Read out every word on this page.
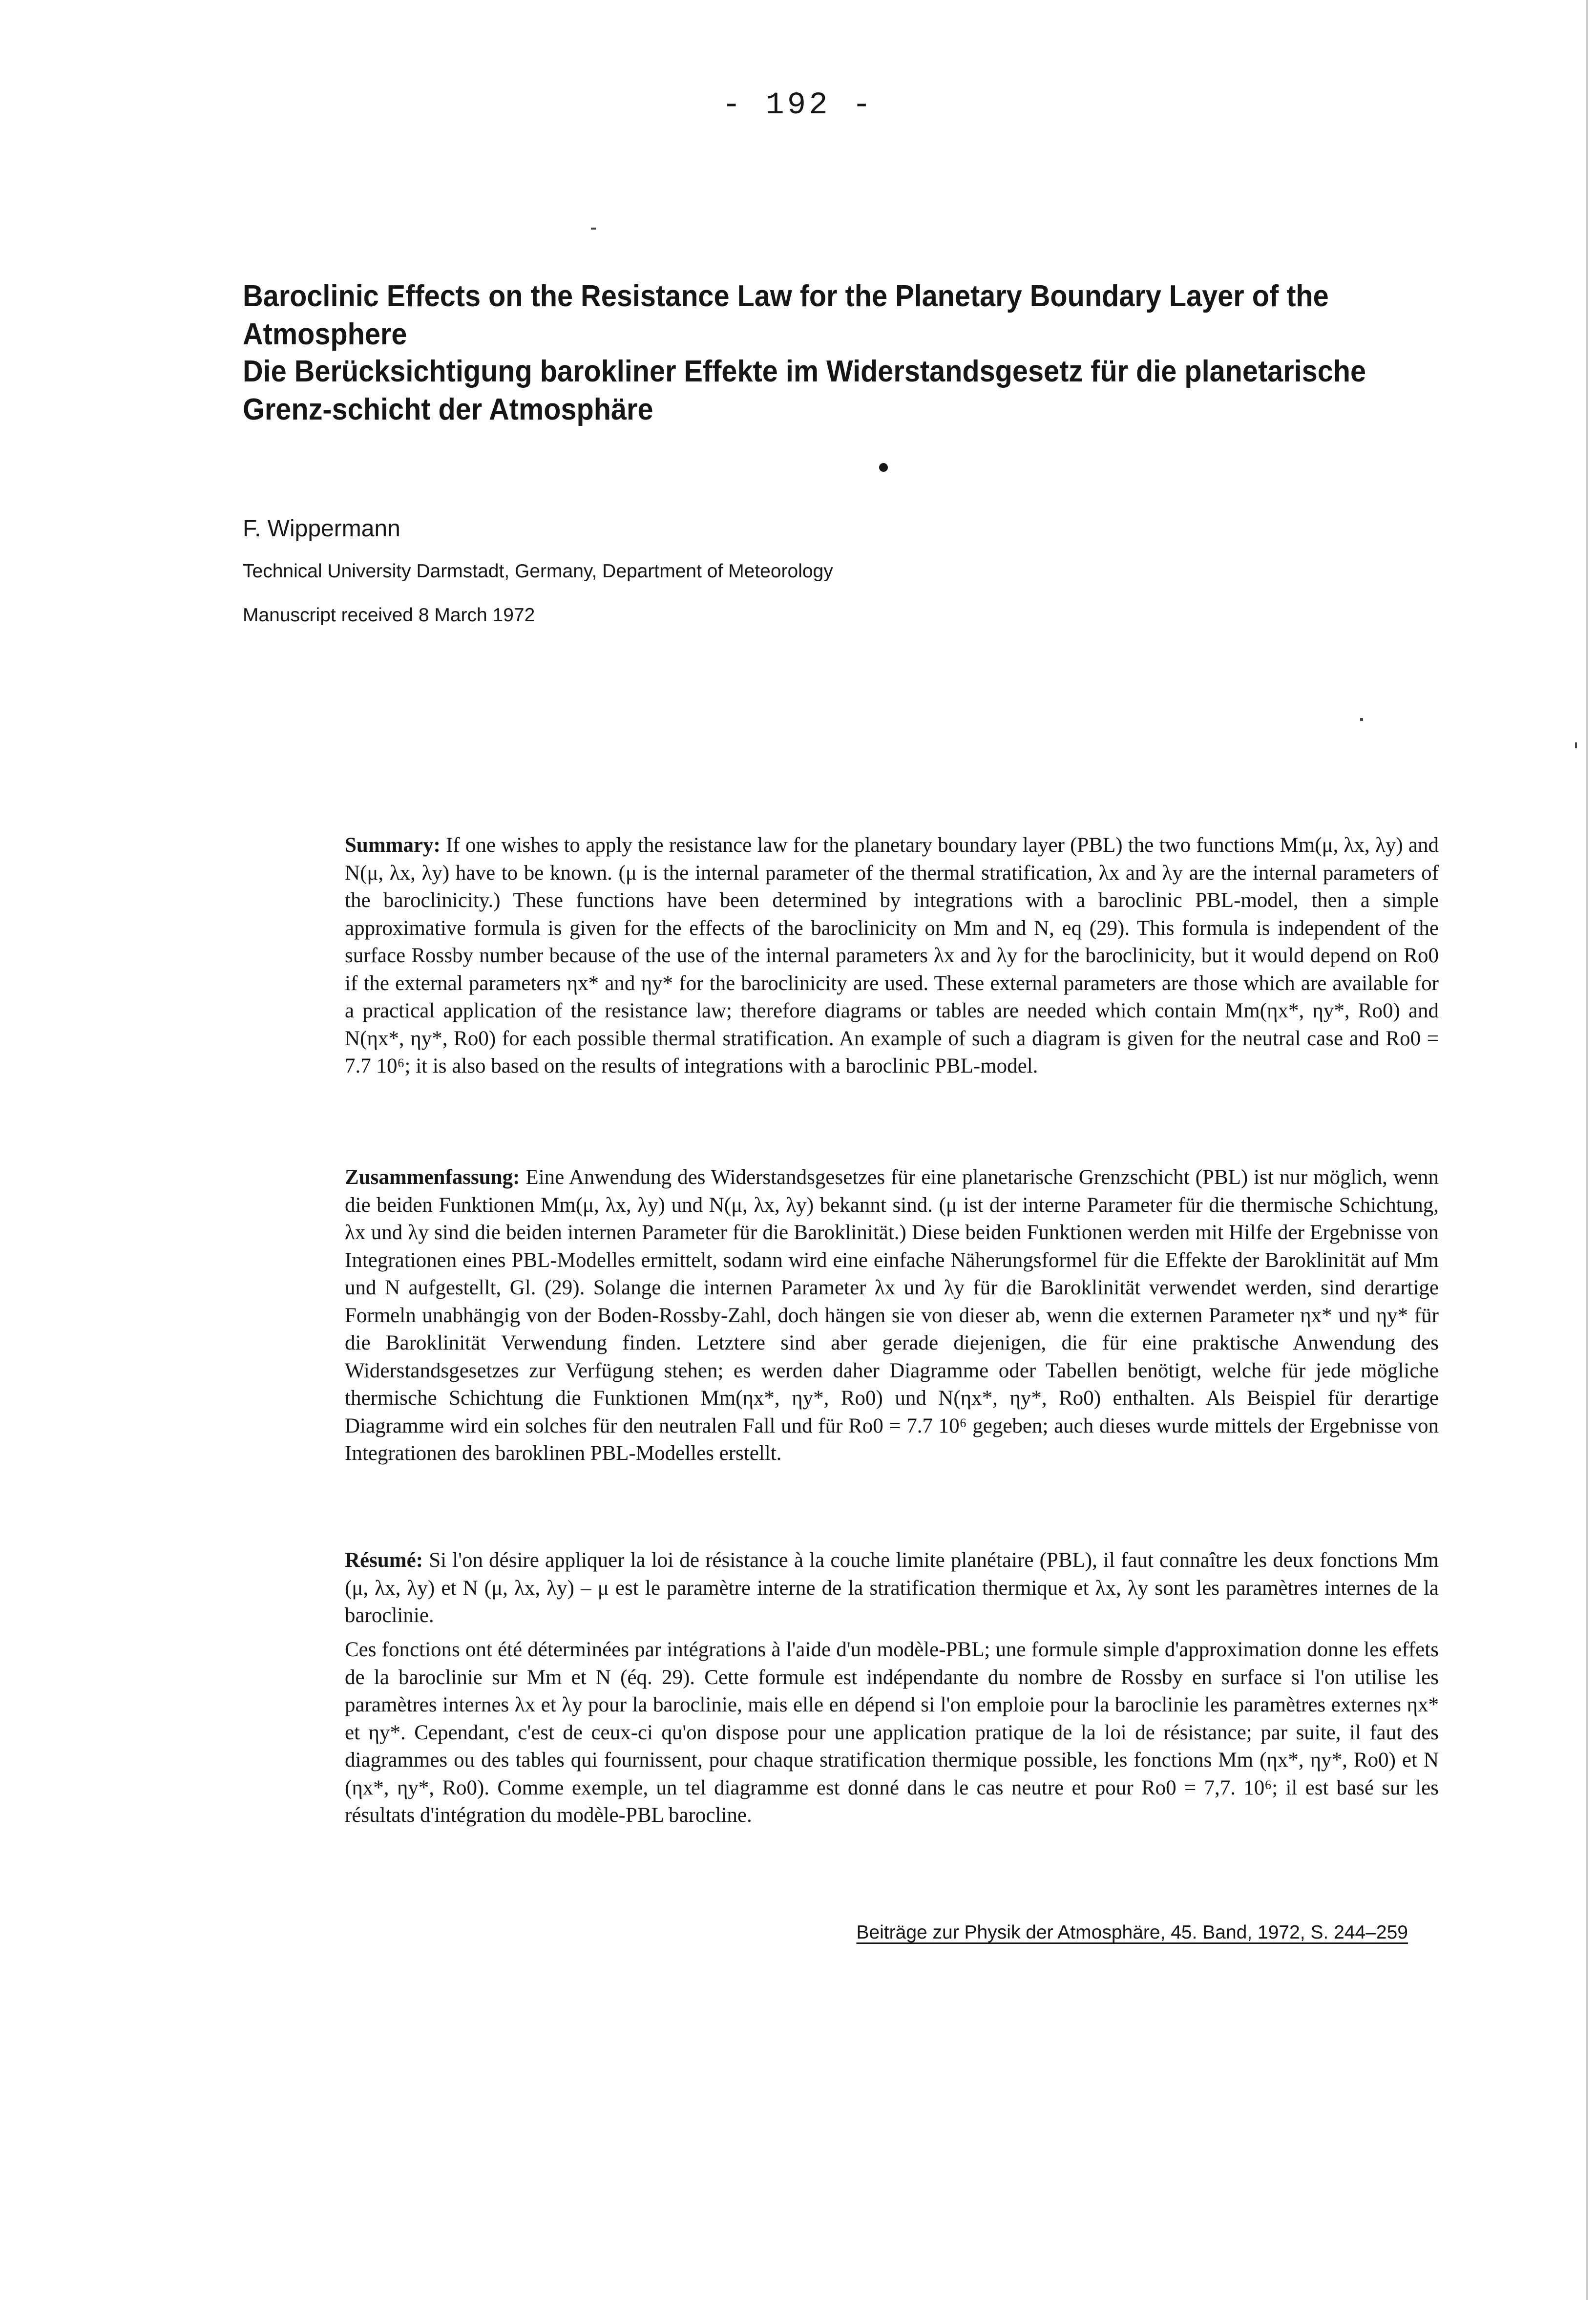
- 192 -
Baroclinic Effects on the Resistance Law for the Planetary Boundary Layer of the Atmosphere
Die Berücksichtigung barokliner Effekte im Widerstandsgesetz für die planetarische Grenz-schicht der Atmosphäre
F. Wippermann
Technical University Darmstadt, Germany, Department of Meteorology
Manuscript received 8 March 1972

Summary: If one wishes to apply the resistance law for the planetary boundary layer (PBL) the two functions Mm(μ, λx, λy) and N(μ, λx, λy) have to be known. (μ is the internal parameter of the thermal stratification, λx and λy are the internal parameters of the baroclinicity.) These functions have been determined by integrations with a baroclinic PBL-model, then a simple approximative formula is given for the effects of the baroclinicity on Mm and N, eq (29). This formula is independent of the surface Rossby number because of the use of the internal parameters λx and λy for the baroclinicity, but it would depend on Ro0 if the external parameters ηx* and ηy* for the baroclinicity are used. These external parameters are those which are available for a practical application of the resistance law; therefore diagrams or tables are needed which contain Mm(ηx*, ηy*, Ro0) and N(ηx*, ηy*, Ro0) for each possible thermal stratification. An example of such a diagram is given for the neutral case and Ro0 = 7.7 10⁶; it is also based on the results of integrations with a baroclinic PBL-model.

Zusammenfassung: Eine Anwendung des Widerstandsgesetzes für eine planetarische Grenzschicht (PBL) ist nur möglich, wenn die beiden Funktionen Mm(μ, λx, λy) und N(μ, λx, λy) bekannt sind. (μ ist der interne Parameter für die thermische Schichtung, λx und λy sind die beiden internen Parameter für die Baroklinität.) Diese beiden Funktionen werden mit Hilfe der Ergebnisse von Integrationen eines PBL-Modelles ermittelt, sodann wird eine einfache Näherungsformel für die Effekte der Baroklinität auf Mm und N aufgestellt, Gl. (29). Solange die internen Parameter λx und λy für die Baroklinität verwendet werden, sind derartige Formeln unabhängig von der Boden-Rossby-Zahl, doch hängen sie von dieser ab, wenn die externen Parameter ηx* und ηy* für die Baroklinität Verwendung finden. Letztere sind aber gerade diejenigen, die für eine praktische Anwendung des Widerstandsgesetzes zur Verfügung stehen; es werden daher Diagramme oder Tabellen benötigt, welche für jede mögliche thermische Schichtung die Funktionen Mm(ηx*, ηy*, Ro0) und N(ηx*, ηy*, Ro0) enthalten. Als Beispiel für derartige Diagramme wird ein solches für den neutralen Fall und für Ro0 = 7.7 10⁶ gegeben; auch dieses wurde mittels der Ergebnisse von Integrationen des baroklinen PBL-Modelles erstellt.

Résumé: Si l'on désire appliquer la loi de résistance à la couche limite planétaire (PBL), il faut connaître les deux fonctions Mm (μ, λx, λy) et N (μ, λx, λy) – μ est le paramètre interne de la stratification thermique et λx, λy sont les paramètres internes de la baroclinie.

Ces fonctions ont été déterminées par intégrations à l'aide d'un modèle-PBL; une formule simple d'approximation donne les effets de la baroclinie sur Mm et N (éq. 29). Cette formule est indépendante du nombre de Rossby en surface si l'on utilise les paramètres internes λx et λy pour la baroclinie, mais elle en dépend si l'on emploie pour la baroclinie les paramètres externes ηx* et ηy*. Cependant, c'est de ceux-ci qu'on dispose pour une application pratique de la loi de résistance; par suite, il faut des diagrammes ou des tables qui fournissent, pour chaque stratification thermique possible, les fonctions Mm (ηx*, ηy*, Ro0) et N (ηx*, ηy*, Ro0). Comme exemple, un tel diagramme est donné dans le cas neutre et pour Ro0 = 7,7. 10⁶; il est basé sur les résultats d'intégration du modèle-PBL barocline.

Beiträge zur Physik der Atmosphäre, 45. Band, 1972, S. 244–259
